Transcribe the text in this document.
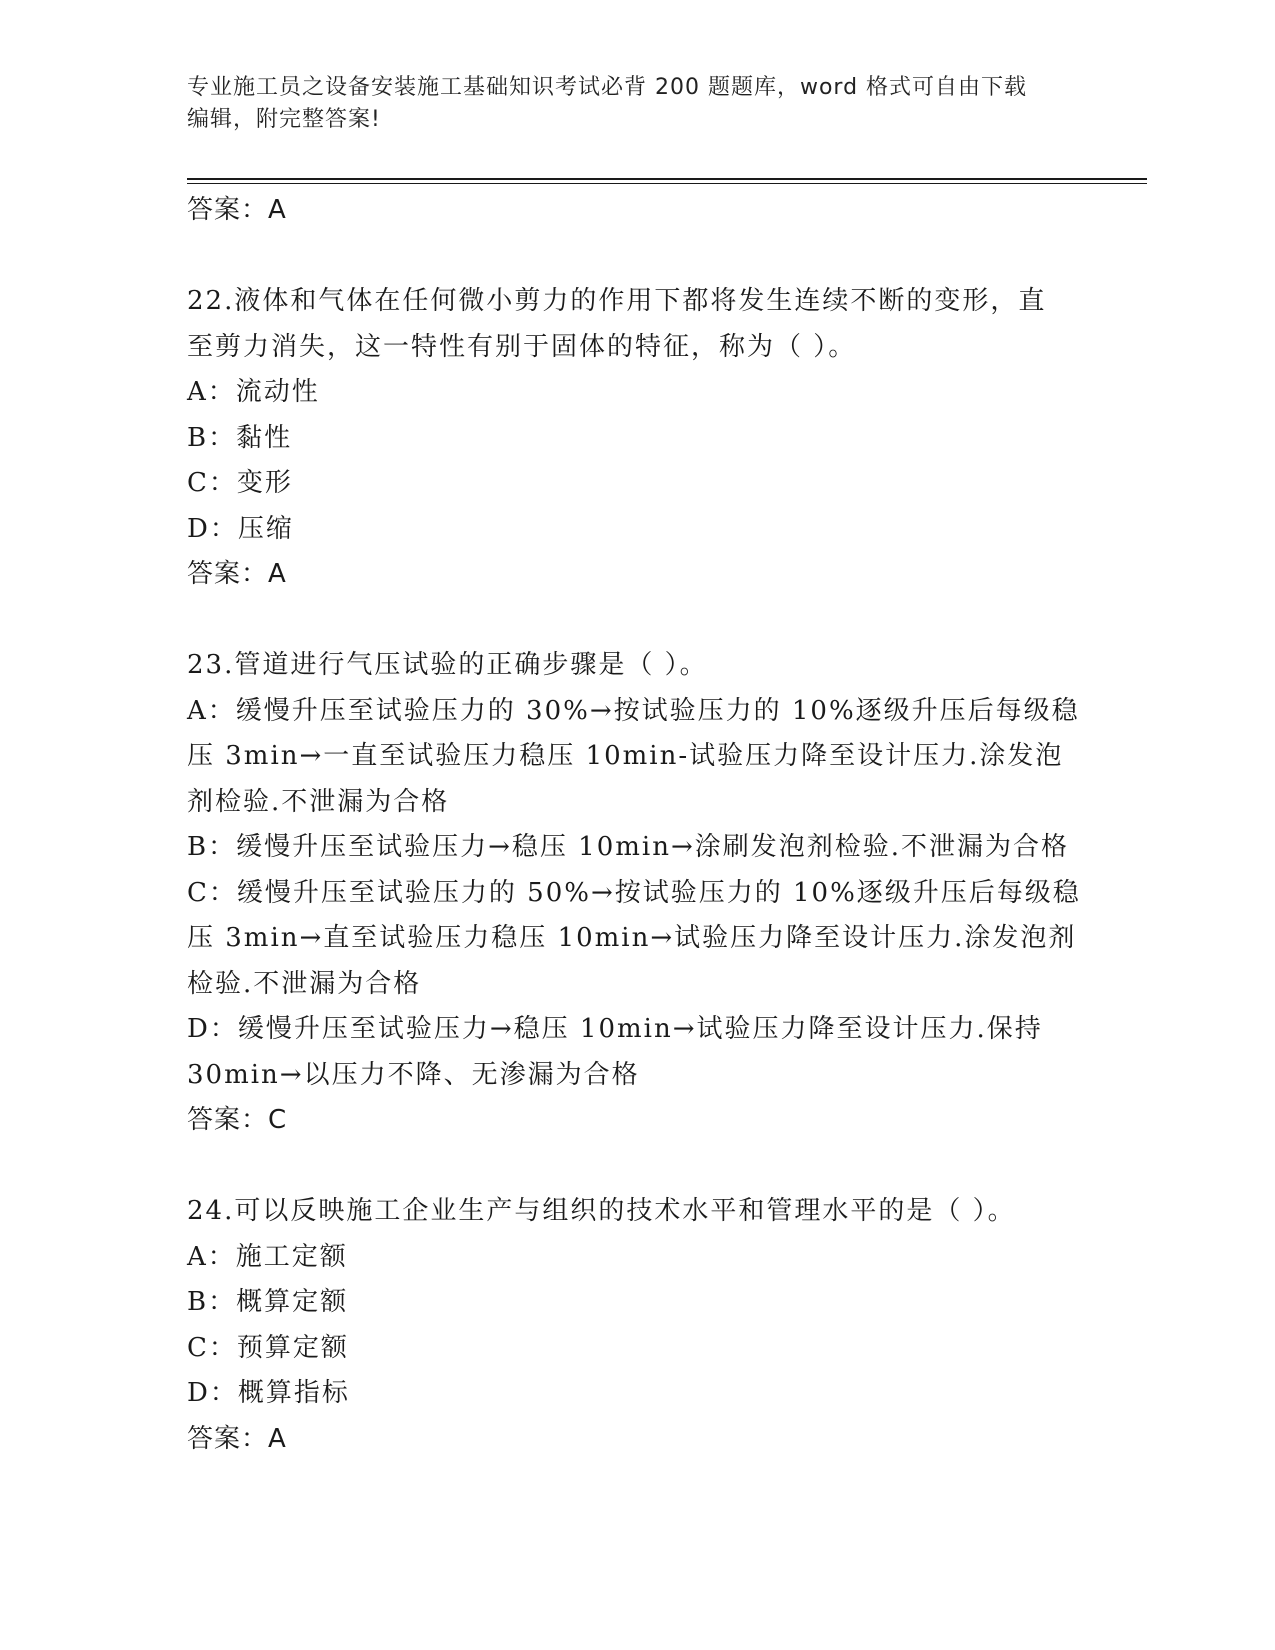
专业施工员之设备安装施工基础知识考试必背 200 题题库，word 格式可自由下载
编辑，附完整答案!
答案：A
22.液体和气体在任何微小剪力的作用下都将发生连续不断的变形，直
至剪力消失，这一特性有别于固体的特征，称为（ ）。
A：流动性
B：黏性
C：变形
D：压缩
答案：A
23.管道进行气压试验的正确步骤是（ ）。
A：缓慢升压至试验压力的 30%→按试验压力的 10%逐级升压后每级稳
压 3min→一直至试验压力稳压 10min-试验压力降至设计压力.涂发泡
剂检验.不泄漏为合格
B：缓慢升压至试验压力→稳压 10min→涂刷发泡剂检验.不泄漏为合格
C：缓慢升压至试验压力的 50%→按试验压力的 10%逐级升压后每级稳
压 3min→直至试验压力稳压 10min→试验压力降至设计压力.涂发泡剂
检验.不泄漏为合格
D：缓慢升压至试验压力→稳压 10min→试验压力降至设计压力.保持
30min→以压力不降、无渗漏为合格
答案：C
24.可以反映施工企业生产与组织的技术水平和管理水平的是（ ）。
A：施工定额
B：概算定额
C：预算定额
D：概算指标
答案：A
